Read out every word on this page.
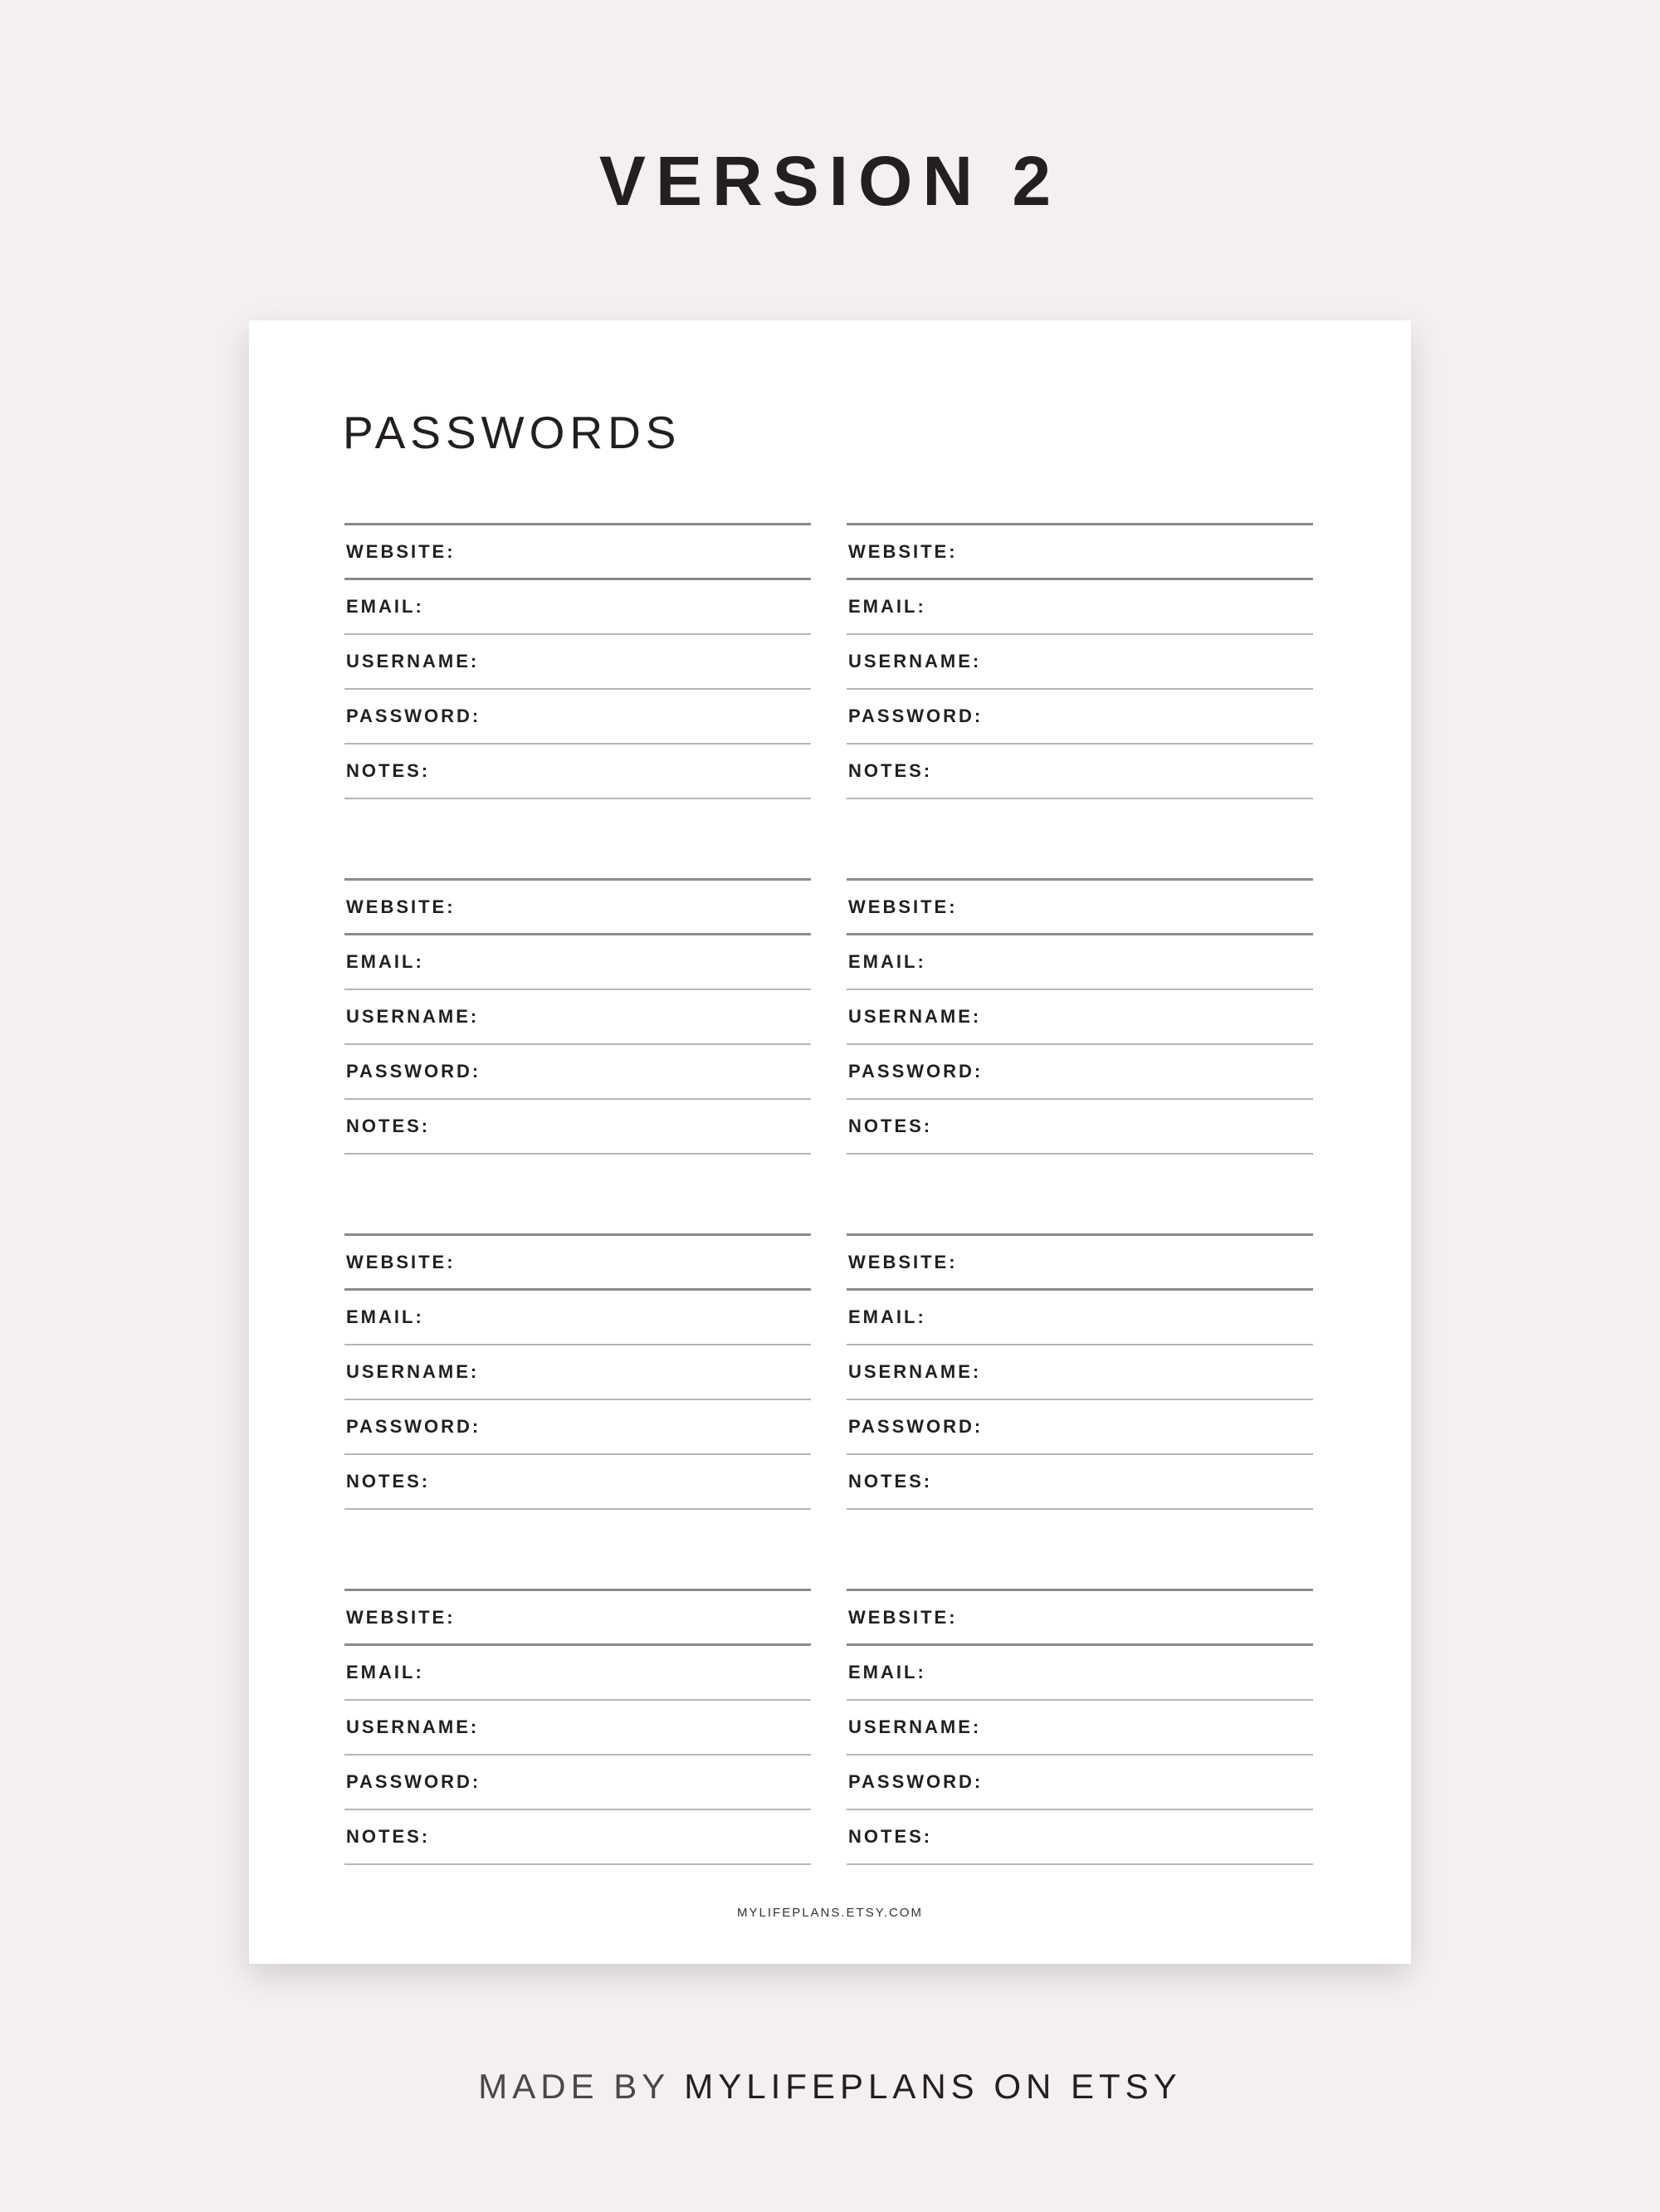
VERSION 2
PASSWORDS
WEBSITE:
EMAIL:
USERNAME:
PASSWORD:
NOTES:
WEBSITE:
EMAIL:
USERNAME:
PASSWORD:
NOTES:
WEBSITE:
EMAIL:
USERNAME:
PASSWORD:
NOTES:
WEBSITE:
EMAIL:
USERNAME:
PASSWORD:
NOTES:
WEBSITE:
EMAIL:
USERNAME:
PASSWORD:
NOTES:
WEBSITE:
EMAIL:
USERNAME:
PASSWORD:
NOTES:
WEBSITE:
EMAIL:
USERNAME:
PASSWORD:
NOTES:
WEBSITE:
EMAIL:
USERNAME:
PASSWORD:
NOTES:
MYLIFEPLANS.ETSY.COM
MADE BY MYLIFEPLANS ON ETSY
